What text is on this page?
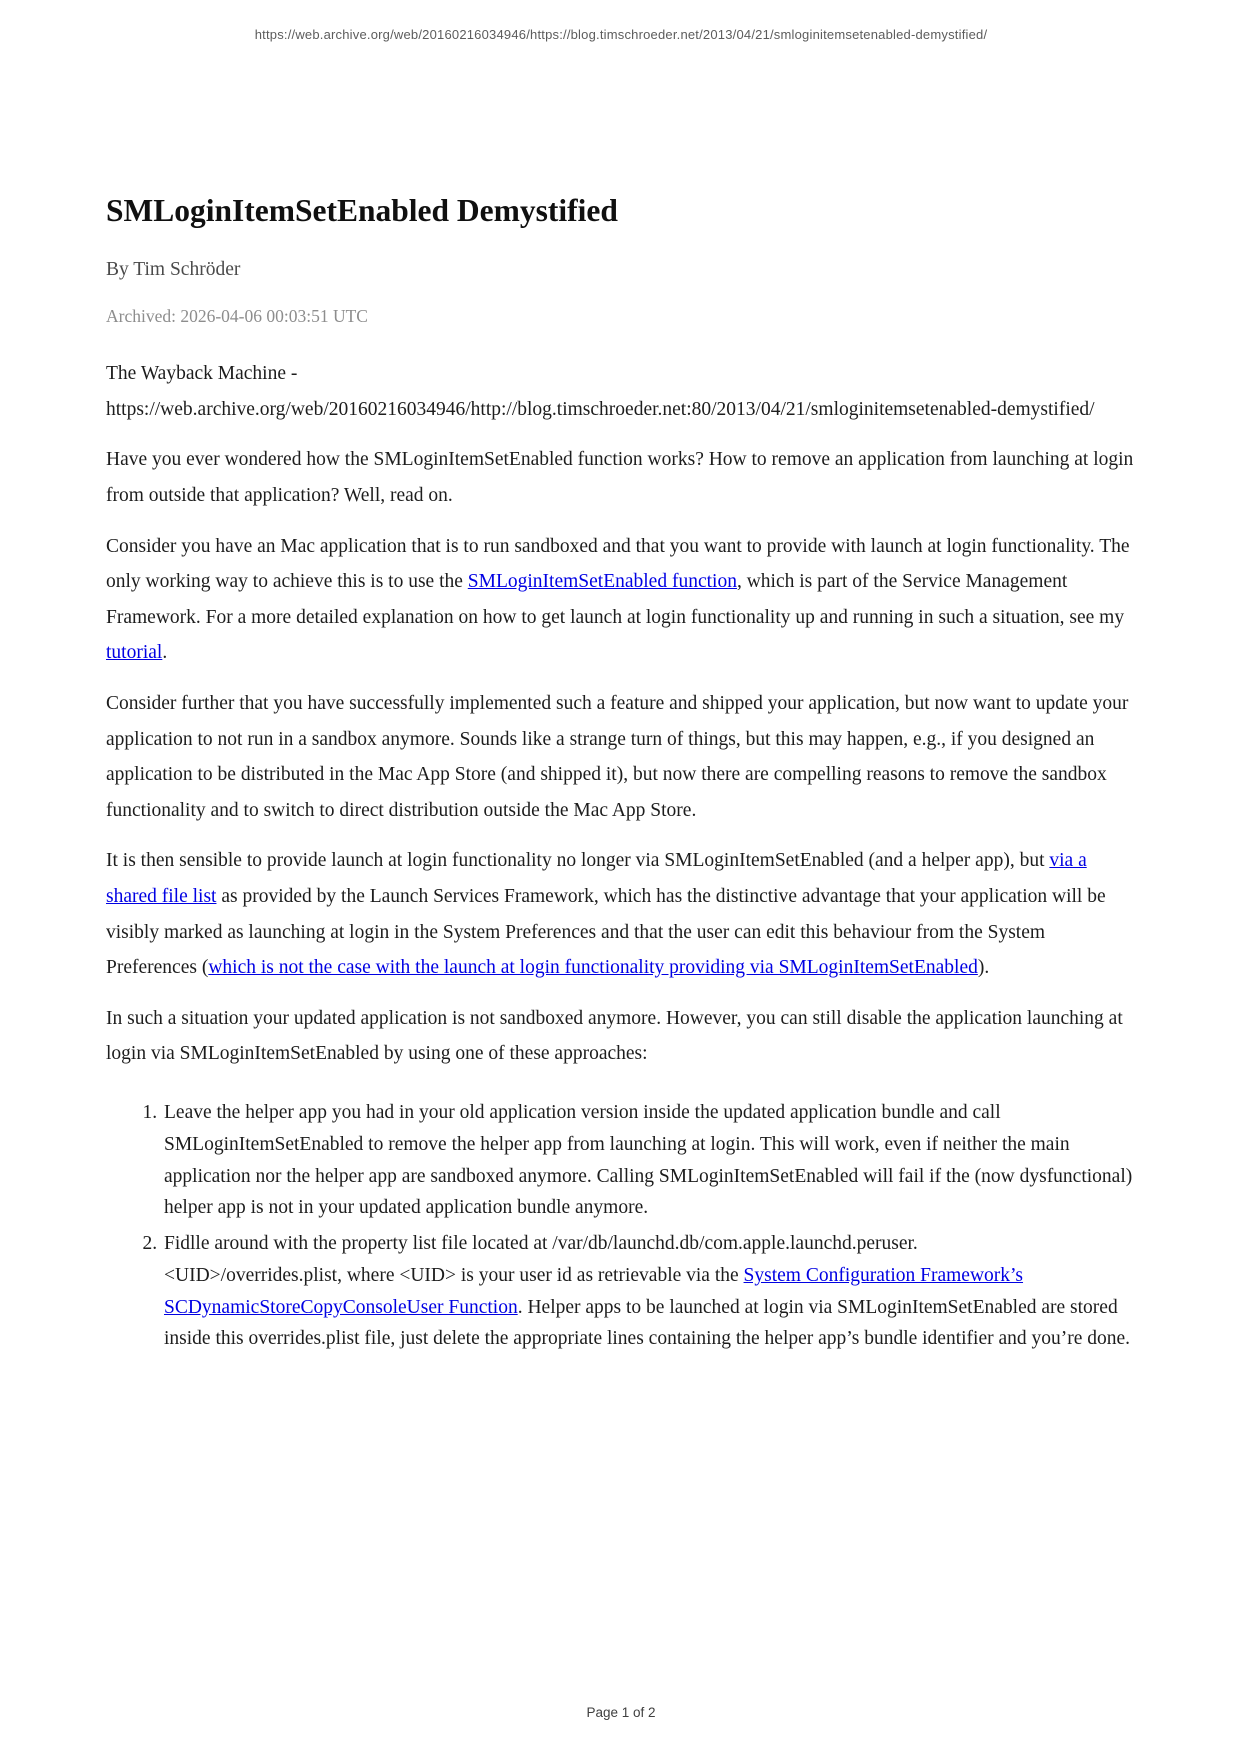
https://web.archive.org/web/20160216034946/https://blog.timschroeder.net/2013/04/21/smloginitemsetenabled-demystified/
SMLoginItemSetEnabled Demystified

By Tim Schröder

Archived: 2026-04-06 00:03:51 UTC

The Wayback Machine - https://web.archive.org/web/20160216034946/http://blog.timschroeder.net:80/2013/04/21/smloginitemsetenabled-demystified/

Have you ever wondered how the SMLoginItemSetEnabled function works? How to remove an application from launching at login from outside that application? Well, read on.

Consider you have an Mac application that is to run sandboxed and that you want to provide with launch at login functionality. The only working way to achieve this is to use the SMLoginItemSetEnabled function, which is part of the Service Management Framework. For a more detailed explanation on how to get launch at login functionality up and running in such a situation, see my tutorial.

Consider further that you have successfully implemented such a feature and shipped your application, but now want to update your application to not run in a sandbox anymore. Sounds like a strange turn of things, but this may happen, e.g., if you designed an application to be distributed in the Mac App Store (and shipped it), but now there are compelling reasons to remove the sandbox functionality and to switch to direct distribution outside the Mac App Store.

It is then sensible to provide launch at login functionality no longer via SMLoginItemSetEnabled (and a helper app), but via a shared file list as provided by the Launch Services Framework, which has the distinctive advantage that your application will be visibly marked as launching at login in the System Preferences and that the user can edit this behaviour from the System Preferences (which is not the case with the launch at login functionality providing via SMLoginItemSetEnabled).

In such a situation your updated application is not sandboxed anymore. However, you can still disable the application launching at login via SMLoginItemSetEnabled by using one of these approaches:

1. Leave the helper app you had in your old application version inside the updated application bundle and call SMLoginItemSetEnabled to remove the helper app from launching at login. This will work, even if neither the main application nor the helper app are sandboxed anymore. Calling SMLoginItemSetEnabled will fail if the (now dysfunctional) helper app is not in your updated application bundle anymore.
2. Fidlle around with the property list file located at /var/db/launchd.db/com.apple.launchd.peruser.
<UID>/overrides.plist, where <UID> is your user id as retrievable via the System Configuration Framework’s SCDynamicStoreCopyConsoleUser Function. Helper apps to be launched at login via SMLoginItemSetEnabled are stored inside this overrides.plist file, just delete the appropriate lines containing the helper app’s bundle identifier and you’re done.
Page 1 of 2
